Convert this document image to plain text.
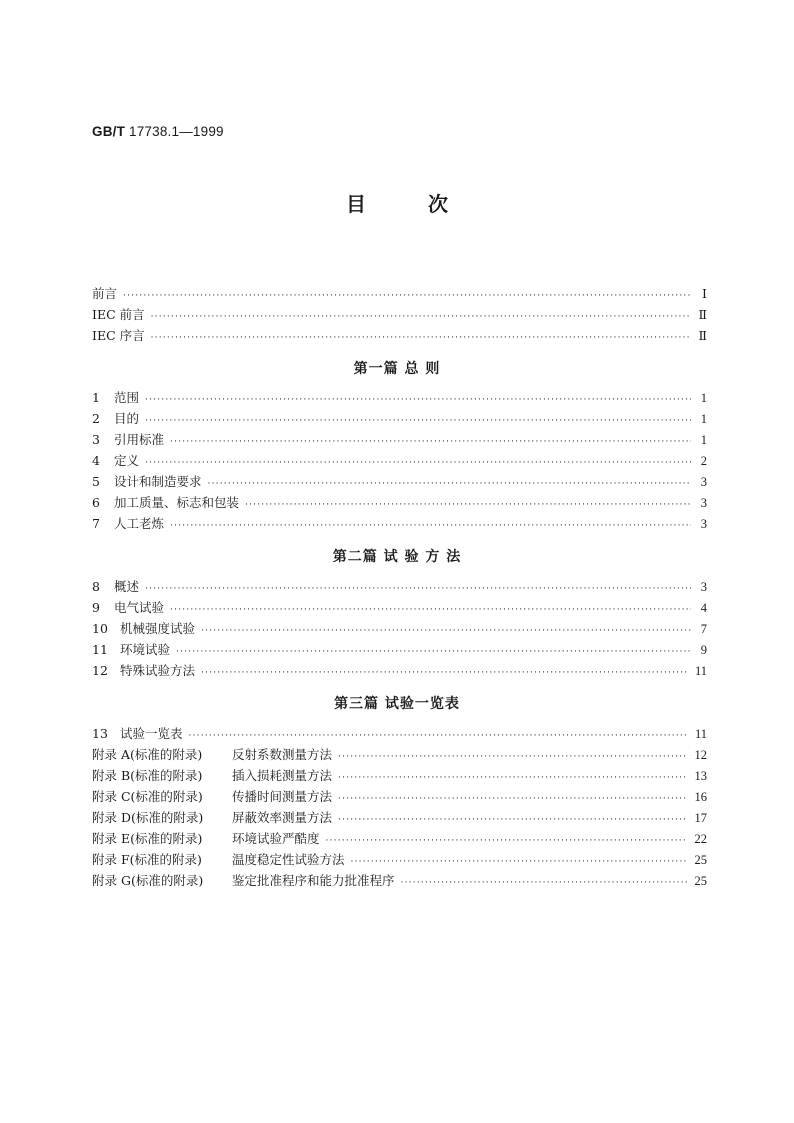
GB/T 17738.1—1999
目次
前言 ·····	Ⅰ
IEC 前言 ·····	Ⅱ
IEC 序言 ·····	Ⅱ
第一篇 总 则
1 范围 ·····	1
2 目的 ·····	1
3 引用标准 ·····	1
4 定义 ·····	2
5 设计和制造要求 ·····	3
6 加工质量、标志和包装 ·····	3
7 人工老炼 ·····	3
第二篇 试 验 方 法
8 概述 ·····	3
9 电气试验 ·····	4
10 机械强度试验 ·····	7
11 环境试验 ·····	9
12 特殊试验方法 ·····	11
第三篇 试验一览表
13 试验一览表 ·····	11
附录 A(标准的附录) 反射系数测量方法 ·····	12
附录 B(标准的附录) 插入损耗测量方法 ·····	13
附录 C(标准的附录) 传播时间测量方法 ·····	16
附录 D(标准的附录) 屏蔽效率测量方法 ·····	17
附录 E(标准的附录) 环境试验严酷度 ·····	22
附录 F(标准的附录) 温度稳定性试验方法 ·····	25
附录 G(标准的附录) 鉴定批准程序和能力批准程序 ·····	25
